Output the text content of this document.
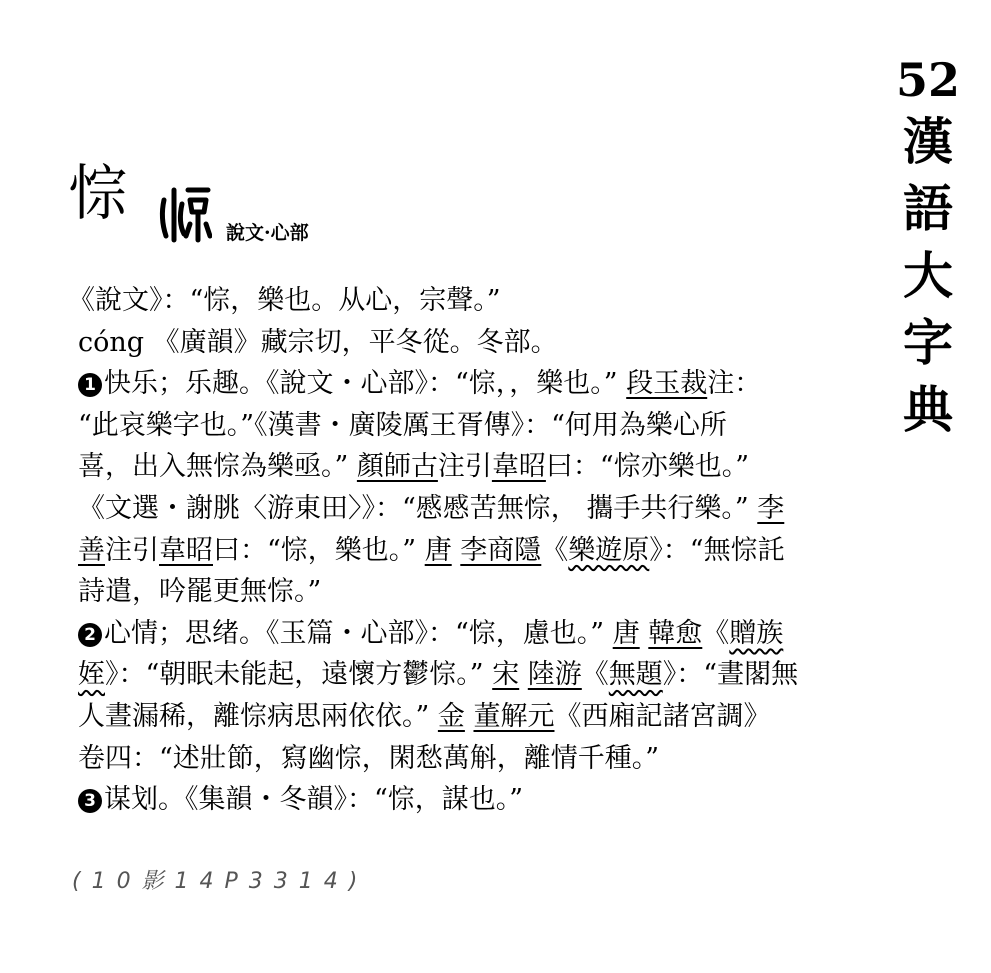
52
漢
語
大
字
典
悰
說文·心部
《說文》：“悰，樂也。从心，宗聲。”
cóng 《廣韻》藏宗切，平冬從。冬部。
1 快乐；乐趣。《說文・心部》：“悰，，樂也。” 段玉裁注：
“此哀樂字也。”《漢書・廣陵厲王胥傳》：“何用為樂心所
喜，出入無悰為樂亟。” 顏師古注引韋昭曰：“悰亦樂也。”
《文選・謝朓〈游東田〉》：“慼慼苦無悰， 攜手共行樂。” 李
善注引韋昭曰：“悰，樂也。” 唐 李商隱《樂遊原》：“無悰託
詩遣，吟罷更無悰。”
2 心情；思绪。《玉篇・心部》：“悰，慮也。” 唐 韓愈《贈族
姪》：“朝眠未能起，遠懷方鬱悰。” 宋 陸游《無題》：“晝閣無
人晝漏稀，離悰病思兩依依。” 金 董解元《西廂記諸宮調》
卷四：“述壯節，寫幽悰，閑愁萬斛，離情千種。”
3 谋划。《集韻・冬韻》：“悰，謀也。”
( 1 0 影 1 4 P 3 3 1 4 )
